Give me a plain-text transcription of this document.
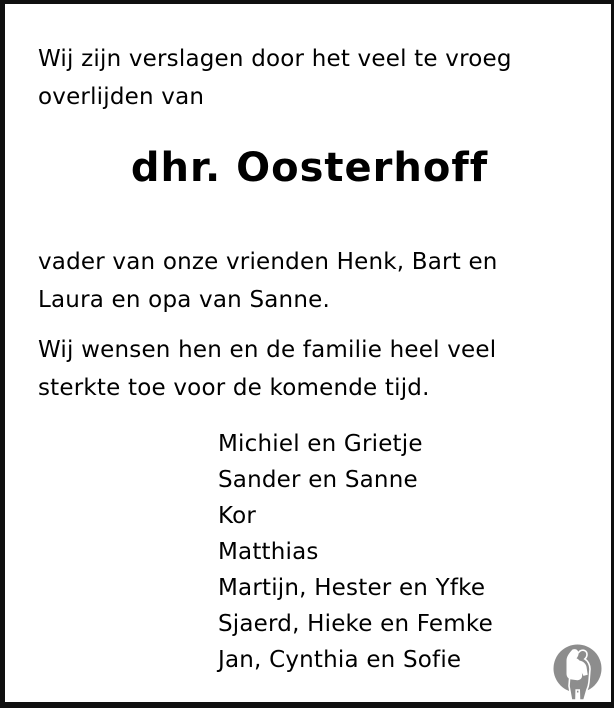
Wij zijn verslagen door het veel te vroeg
overlijden van
dhr. Oosterhoff
vader van onze vrienden Henk, Bart en
Laura en opa van Sanne.
Wij wensen hen en de familie heel veel
sterkte toe voor de komende tijd.
Michiel en Grietje
Sander en Sanne
Kor
Matthias
Martijn, Hester en Yfke
Sjaerd, Hieke en Femke
Jan, Cynthia en Sofie
